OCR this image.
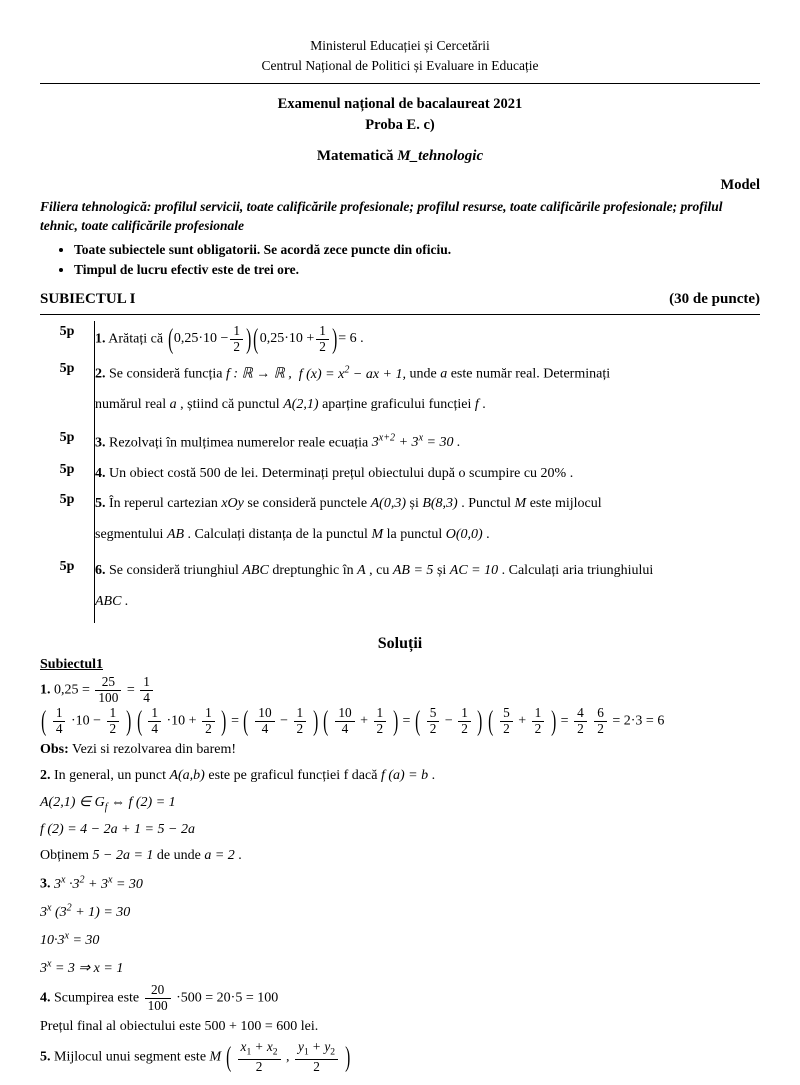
Ministerul Educației și Cercetării
Centrul Național de Politici și Evaluare in Educație
Examenul național de bacalaureat 2021
Proba E. c)
Matematică M_tehnologic
Model
Filiera tehnologică: profilul servicii, toate calificările profesionale; profilul resurse, toate calificările profesionale; profilul tehnic, toate calificările profesionale
• Toate subiectele sunt obligatorii. Se acordă zece puncte din oficiu.
• Timpul de lucru efectiv este de trei ore.
SUBIECTUL I	(30 de puncte)
5p	1. Arătați că ( $0,25\cdot 10 - \frac{1}{2}$ ) ( $0,25\cdot 10 + \frac{1}{2}$ ) = 6 .

5p	2. Se consideră funcția f : ℝ → ℝ , f $(x) = x^2$ − ax + 1, unde a este număr real. Determinați
numărul real a , știind că punctul A(2,1) aparține graficului funcției f .

5p	3. Rezolvați în mulțimea numerelor reale ecuația $3^{x+2} + 3^x = 30$ .
5p	4. Un obiect costă 500 de lei. Determinați prețul obiectului după o scumpire cu 20% .
5p	5. În reperul cartezian xOy se consideră punctele A(0,3) și B(8,3) . Punctul M este mijlocul
segmentului AB . Calculați distanța de la punctul M la punctul O(0,0) .

5p	6. Se consideră triunghiul ABC dreptunghic în A , cu AB = 5 și AC = 10 . Calculați aria triunghiului
ABC .
Soluții
Subiectul1
1. $0,25 = \frac{25}{100} = \frac{1}{4}$
( $\frac{1}{4} \cdot 10 - \frac{1}{2}$ ) ( $\frac{1}{4} \cdot 10 + \frac{1}{2}$ ) = ( $\frac{10}{4} - \frac{1}{2}$ ) ( $\frac{10}{4} + \frac{1}{2}$ ) = ( $\frac{5}{2} - \frac{1}{2}$ ) ( $\frac{5}{2} + \frac{1}{2}$ ) = $\frac{4}{2}$
$\frac{6}{2} = 2\cdot 3 = 6$
Obs: Vezi si rezolvarea din barem!
2. In general, un punct A(a,b) este pe graficul funcției f dacă f (a) = b .
A(2,1) ∈ $G_f$ ⇔ f (2) = 1
f (2) = 4 − 2a + 1 = 5 − 2a
Obținem 5 − 2a = 1 de unde a = 2 .
3. $3^x \cdot 3^2 + 3^x = 30$
3$^x$ $(3^2 + 1) = 30$
$10\cdot 3^x = 30$
$3^x = 3$ ⇒ x = 1
4. Scumpirea este $\frac{20}{100} \cdot 500 = 20\cdot 5 = 100$
Prețul final al obiectului este 500 + 100 = 600 lei.
5. Mijlocul unui segment este M ( $\frac{x_1 + x_2}{2}$ , $\frac{y_1 + y_2}{2}$ )
